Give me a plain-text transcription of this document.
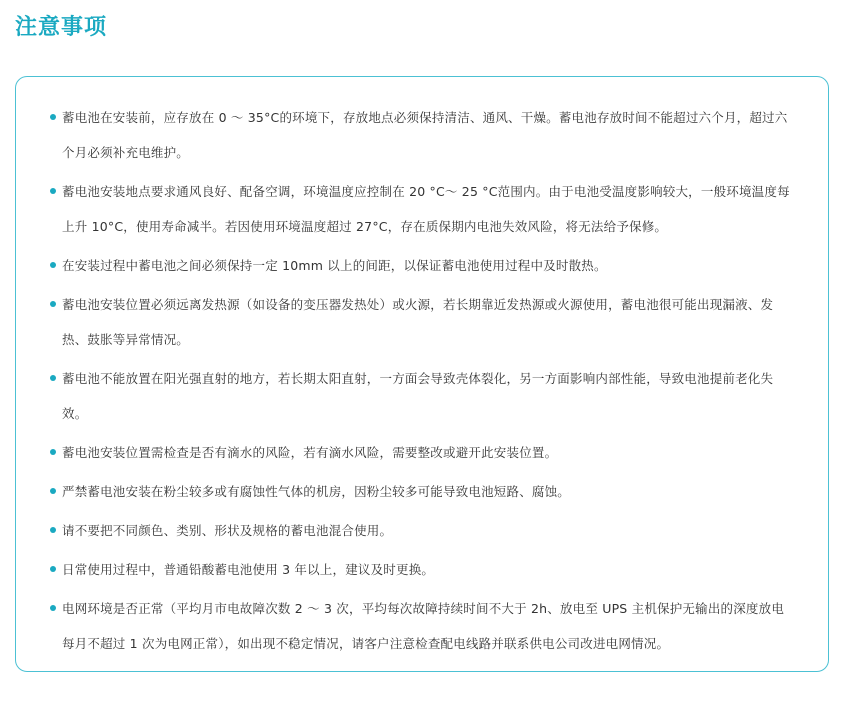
注意事项
蓄电池在安装前，应存放在 0 ～ 35°C的环境下，存放地点必须保持清洁、通风、干燥。蓄电池存放时间不能超过六个月，超过六个月必须补充电维护。
蓄电池安装地点要求通风良好、配备空调，环境温度应控制在 20 °C～ 25 °C范围内。由于电池受温度影响较大，一般环境温度每上升 10°C，使用寿命减半。若因使用环境温度超过 27°C，存在质保期内电池失效风险，将无法给予保修。
在安装过程中蓄电池之间必须保持一定 10mm 以上的间距，以保证蓄电池使用过程中及时散热。
蓄电池安装位置必须远离发热源（如设备的变压器发热处）或火源，若长期靠近发热源或火源使用，蓄电池很可能出现漏液、发热、鼓胀等异常情况。
蓄电池不能放置在阳光强直射的地方，若长期太阳直射，一方面会导致壳体裂化，另一方面影响内部性能，导致电池提前老化失效。
蓄电池安装位置需检查是否有滴水的风险，若有滴水风险，需要整改或避开此安装位置。
严禁蓄电池安装在粉尘较多或有腐蚀性气体的机房，因粉尘较多可能导致电池短路、腐蚀。
请不要把不同颜色、类别、形状及规格的蓄电池混合使用。
日常使用过程中，普通铅酸蓄电池使用 3 年以上，建议及时更换。
电网环境是否正常（平均月市电故障次数 2 ～ 3 次，平均每次故障持续时间不大于 2h、放电至 UPS 主机保护无输出的深度放电每月不超过 1 次为电网正常），如出现不稳定情况，请客户注意检查配电线路并联系供电公司改进电网情况。
